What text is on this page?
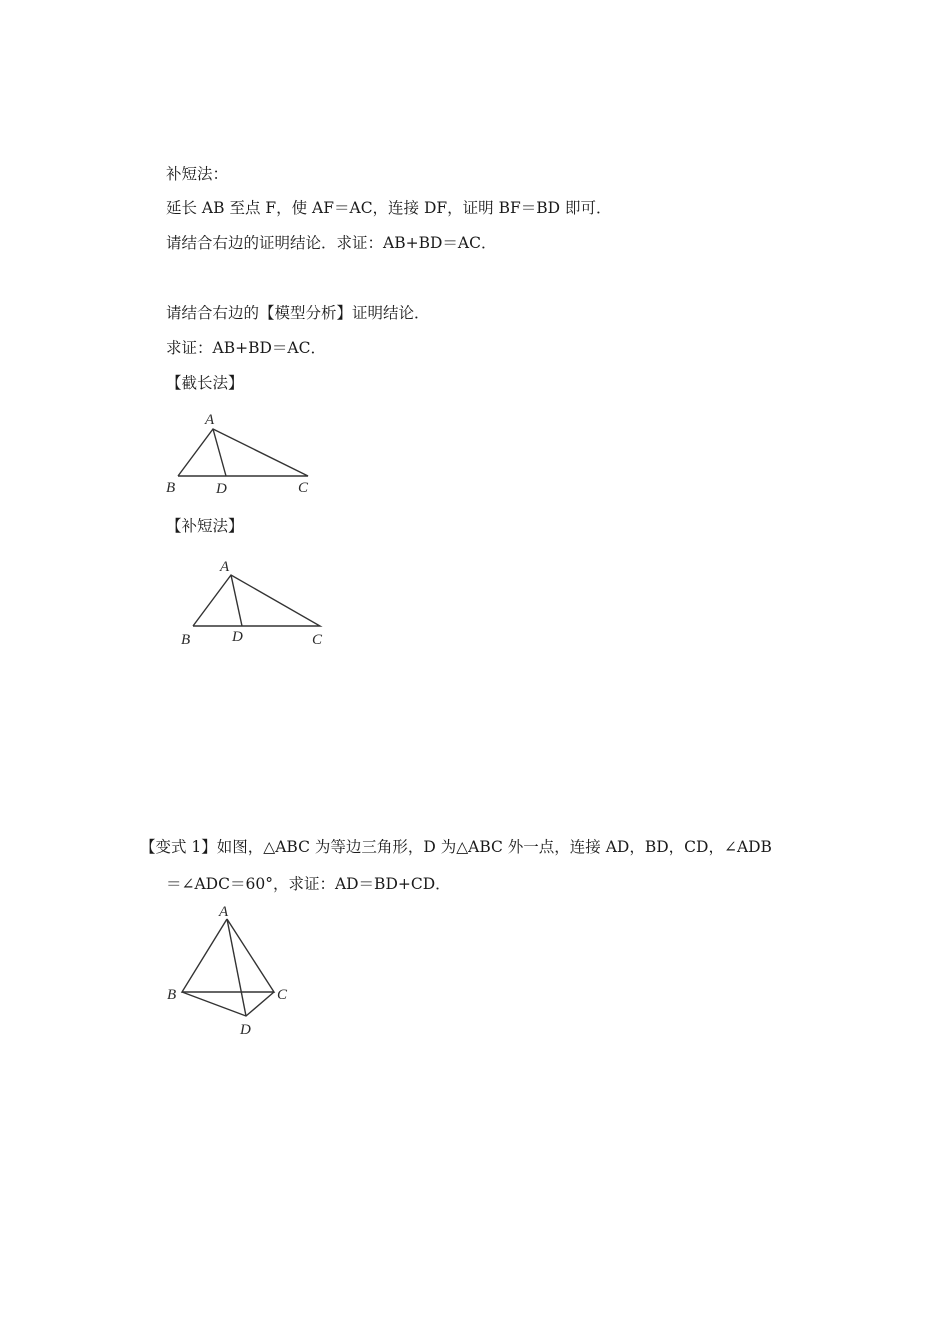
补短法：
延长 AB 至点 F，使 AF＝AC，连接 DF，证明 BF＝BD 即可．
请结合右边的证明结论．求证：AB+BD＝AC．
请结合右边的【模型分析】证明结论．
求证：AB+BD＝AC．
【截长法】
A
B	D	C
【补短法】
A
B	D	C
【变式 1】如图，△ABC 为等边三角形，D 为△ABC 外一点，连接 AD，BD，CD，∠ADB
＝∠ADC＝60°，求证：AD＝BD+CD．
A
B	C
D
